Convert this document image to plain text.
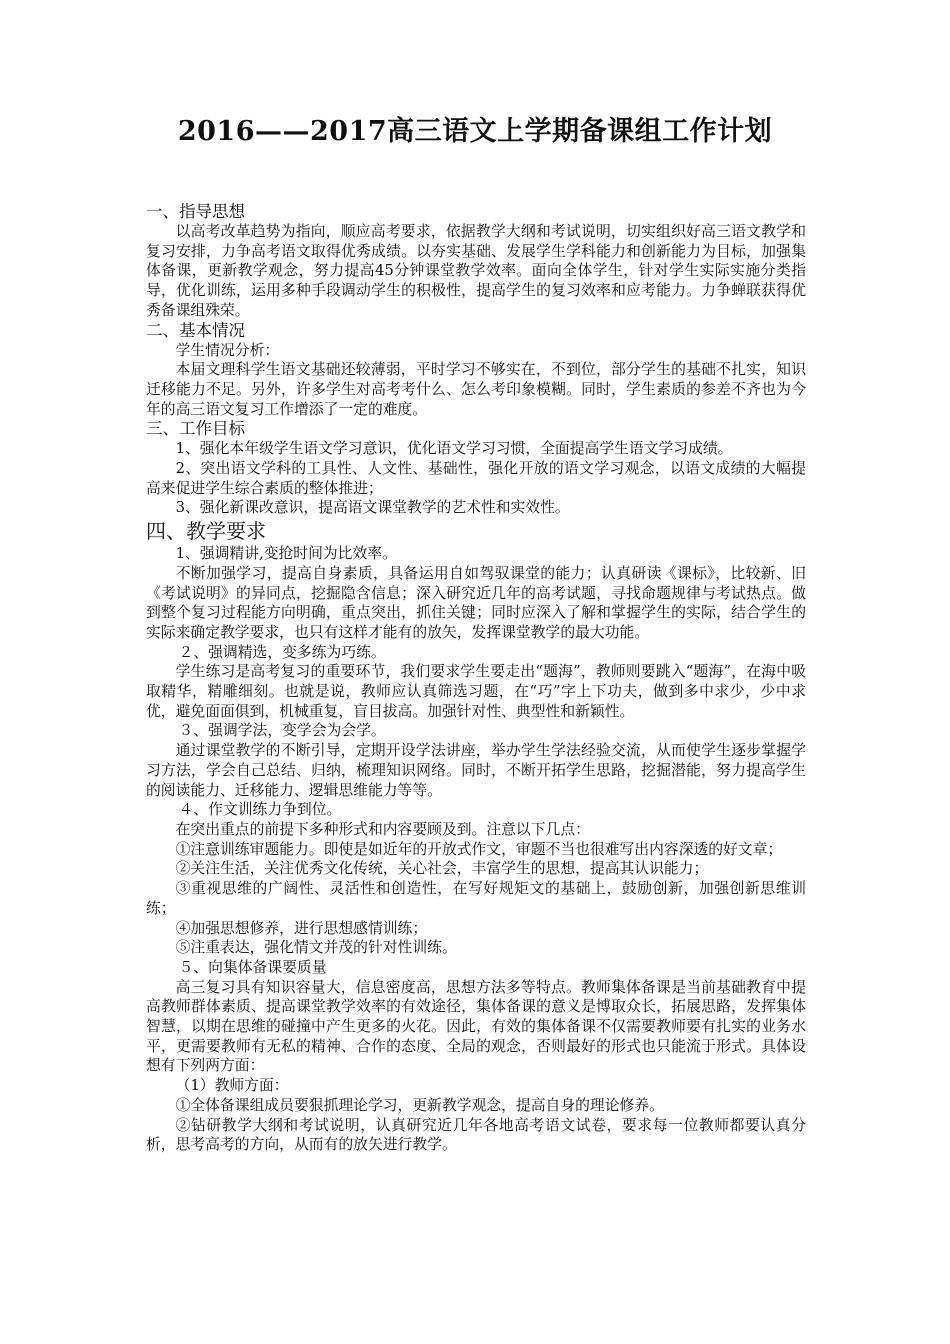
2016——2017高三语文上学期备课组工作计划
一、指导思想

以高考改革趋势为指向，顺应高考要求，依据教学大纲和考试说明，切实组织好高三语文教学和复习安排，力争高考语文取得优秀成绩。以夯实基础、发展学生学科能力和创新能力为目标，加强集体备课，更新教学观念，努力提高45分钟课堂教学效率。面向全体学生，针对学生实际实施分类指导，优化训练，运用多种手段调动学生的积极性，提高学生的复习效率和应考能力。力争蝉联获得优秀备课组殊荣。

二、基本情况

学生情况分析：

本届文理科学生语文基础还较薄弱，平时学习不够实在，不到位，部分学生的基础不扎实，知识迁移能力不足。另外，许多学生对高考考什么、怎么考印象模糊。同时，学生素质的参差不齐也为今年的高三语文复习工作增添了一定的难度。

三、工作目标

1、强化本年级学生语文学习意识，优化语文学习习惯，全面提高学生语文学习成绩。

2、突出语文学科的工具性、人文性、基础性，强化开放的语文学习观念，以语文成绩的大幅提高来促进学生综合素质的整体推进；

3、强化新课改意识，提高语文课堂教学的艺术性和实效性。

四、教学要求

1、强调精讲,变抢时间为比效率。

不断加强学习，提高自身素质，具备运用自如驾驭课堂的能力；认真研读《课标》，比较新、旧《考试说明》的异同点，挖掘隐含信息；深入研究近几年的高考试题，寻找命题规律与考试热点。做到整个复习过程能方向明确，重点突出，抓住关键；同时应深入了解和掌握学生的实际，结合学生的实际来确定教学要求，也只有这样才能有的放矢，发挥课堂教学的最大功能。

２、强调精选，变多练为巧练。

学生练习是高考复习的重要环节，我们要求学生要走出“题海”，教师则要跳入“题海”，在海中吸取精华，精雕细刻。也就是说，教师应认真筛选习题，在“巧”字上下功夫，做到多中求少，少中求优，避免面面俱到，机械重复，盲目拔高。加强针对性、典型性和新颖性。

３、强调学法，变学会为会学。

通过课堂教学的不断引导，定期开设学法讲座，举办学生学法经验交流，从而使学生逐步掌握学习方法，学会自己总结、归纳，梳理知识网络。同时，不断开拓学生思路，挖掘潜能，努力提高学生的阅读能力、迁移能力、逻辑思维能力等等。

４、作文训练力争到位。

在突出重点的前提下多种形式和内容要顾及到。注意以下几点：

①注意训练审题能力。即使是如近年的开放式作文，审题不当也很难写出内容深透的好文章；

②关注生活，关注优秀文化传统，关心社会，丰富学生的思想，提高其认识能力；

③重视思维的广阔性、灵活性和创造性，在写好规矩文的基础上，鼓励创新，加强创新思维训练；

④加强思想修养，进行思想感情训练；

⑤注重表达，强化情文并茂的针对性训练。

５、向集体备课要质量

高三复习具有知识容量大，信息密度高，思想方法多等特点。教师集体备课是当前基础教育中提高教师群体素质、提高课堂教学效率的有效途径，集体备课的意义是博取众长，拓展思路，发挥集体智慧，以期在思维的碰撞中产生更多的火花。因此，有效的集体备课不仅需要教师要有扎实的业务水平，更需要教师有无私的精神、合作的态度、全局的观念，否则最好的形式也只能流于形式。具体设想有下列两方面：

（1）教师方面：

①全体备课组成员要狠抓理论学习，更新教学观念，提高自身的理论修养。

②钻研教学大纲和考试说明，认真研究近几年各地高考语文试卷，要求每一位教师都要认真分析，思考高考的方向，从而有的放矢进行教学。
